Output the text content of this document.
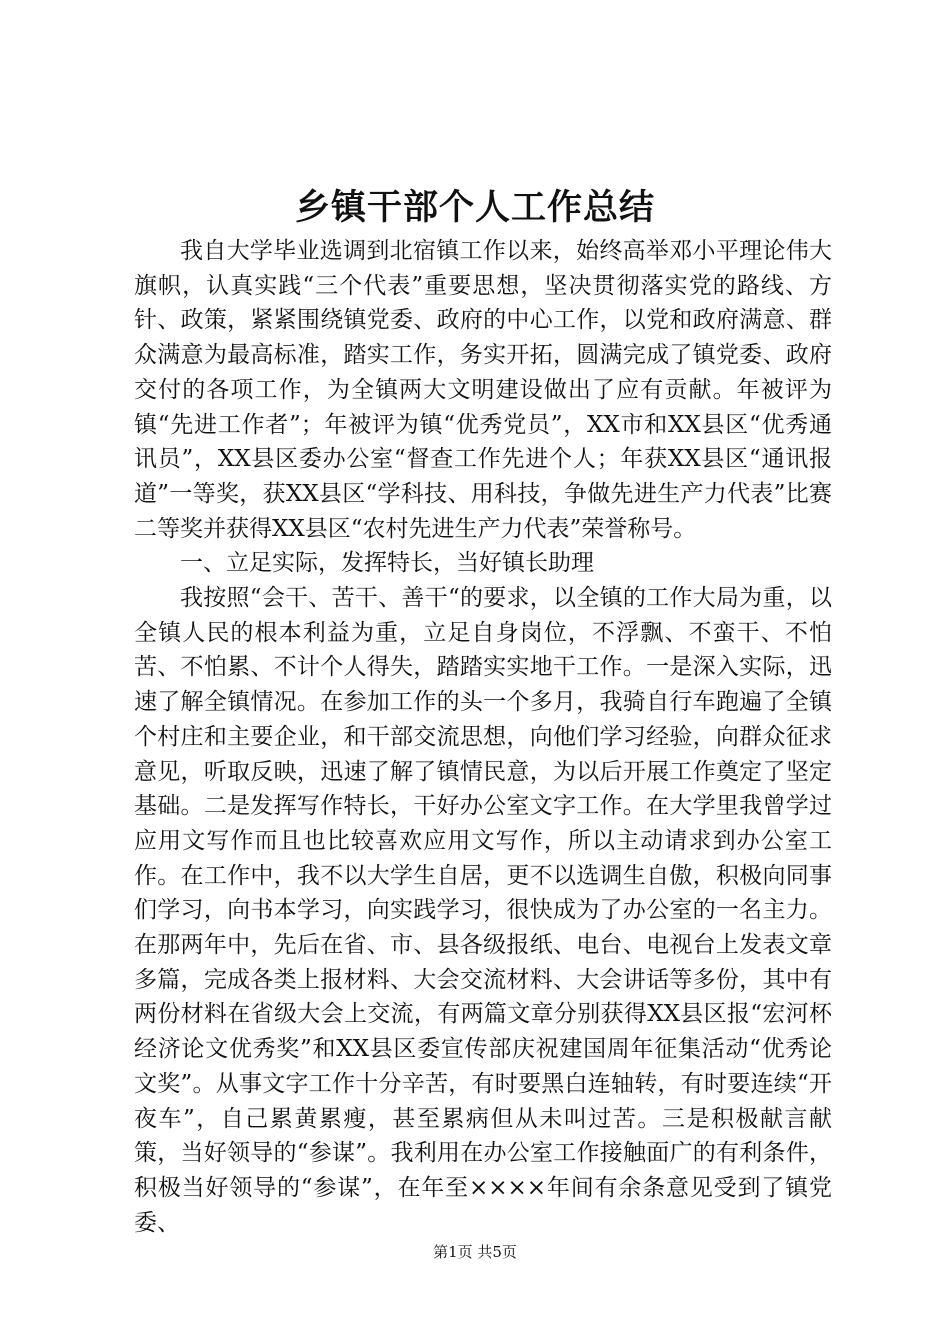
乡镇干部个人工作总结

我自大学毕业选调到北宿镇工作以来，始终高举邓小平理论伟大旗帜，认真实践“三个代表”重要思想，坚决贯彻落实党的路线、方针、政策，紧紧围绕镇党委、政府的中心工作，以党和政府满意、群众满意为最高标准，踏实工作，务实开拓，圆满完成了镇党委、政府交付的各项工作，为全镇两大文明建设做出了应有贡献。年被评为镇“先进工作者”；年被评为镇“优秀党员”，XX市和XX县区“优秀通讯员”，XX县区委办公室“督查工作先进个人；年获XX县区“通讯报道”一等奖，获XX县区“学科技、用科技，争做先进生产力代表”比赛二等奖并获得XX县区“农村先进生产力代表”荣誉称号。

一、立足实际，发挥特长，当好镇长助理

我按照“会干、苦干、善干“的要求，以全镇的工作大局为重，以全镇人民的根本利益为重，立足自身岗位，不浮飘、不蛮干、不怕苦、不怕累、不计个人得失，踏踏实实地干工作。一是深入实际，迅速了解全镇情况。在参加工作的头一个多月，我骑自行车跑遍了全镇个村庄和主要企业，和干部交流思想，向他们学习经验，向群众征求意见，听取反映，迅速了解了镇情民意，为以后开展工作奠定了坚定基础。二是发挥写作特长，干好办公室文字工作。在大学里我曾学过应用文写作而且也比较喜欢应用文写作，所以主动请求到办公室工作。在工作中，我不以大学生自居，更不以选调生自傲，积极向同事们学习，向书本学习，向实践学习，很快成为了办公室的一名主力。在那两年中，先后在省、市、县各级报纸、电台、电视台上发表文章多篇，完成各类上报材料、大会交流材料、大会讲话等多份，其中有两份材料在省级大会上交流，有两篇文章分别获得XX县区报“宏河杯经济论文优秀奖”和XX县区委宣传部庆祝建国周年征集活动“优秀论文奖”。从事文字工作十分辛苦，有时要黑白连轴转，有时要连续“开夜车”，自己累黄累瘦，甚至累病但从未叫过苦。三是积极献言献策，当好领导的“参谋”。我利用在办公室工作接触面广的有利条件，积极当好领导的“参谋”，在年至××××年间有余条意见受到了镇党委、

第1页 共5页
